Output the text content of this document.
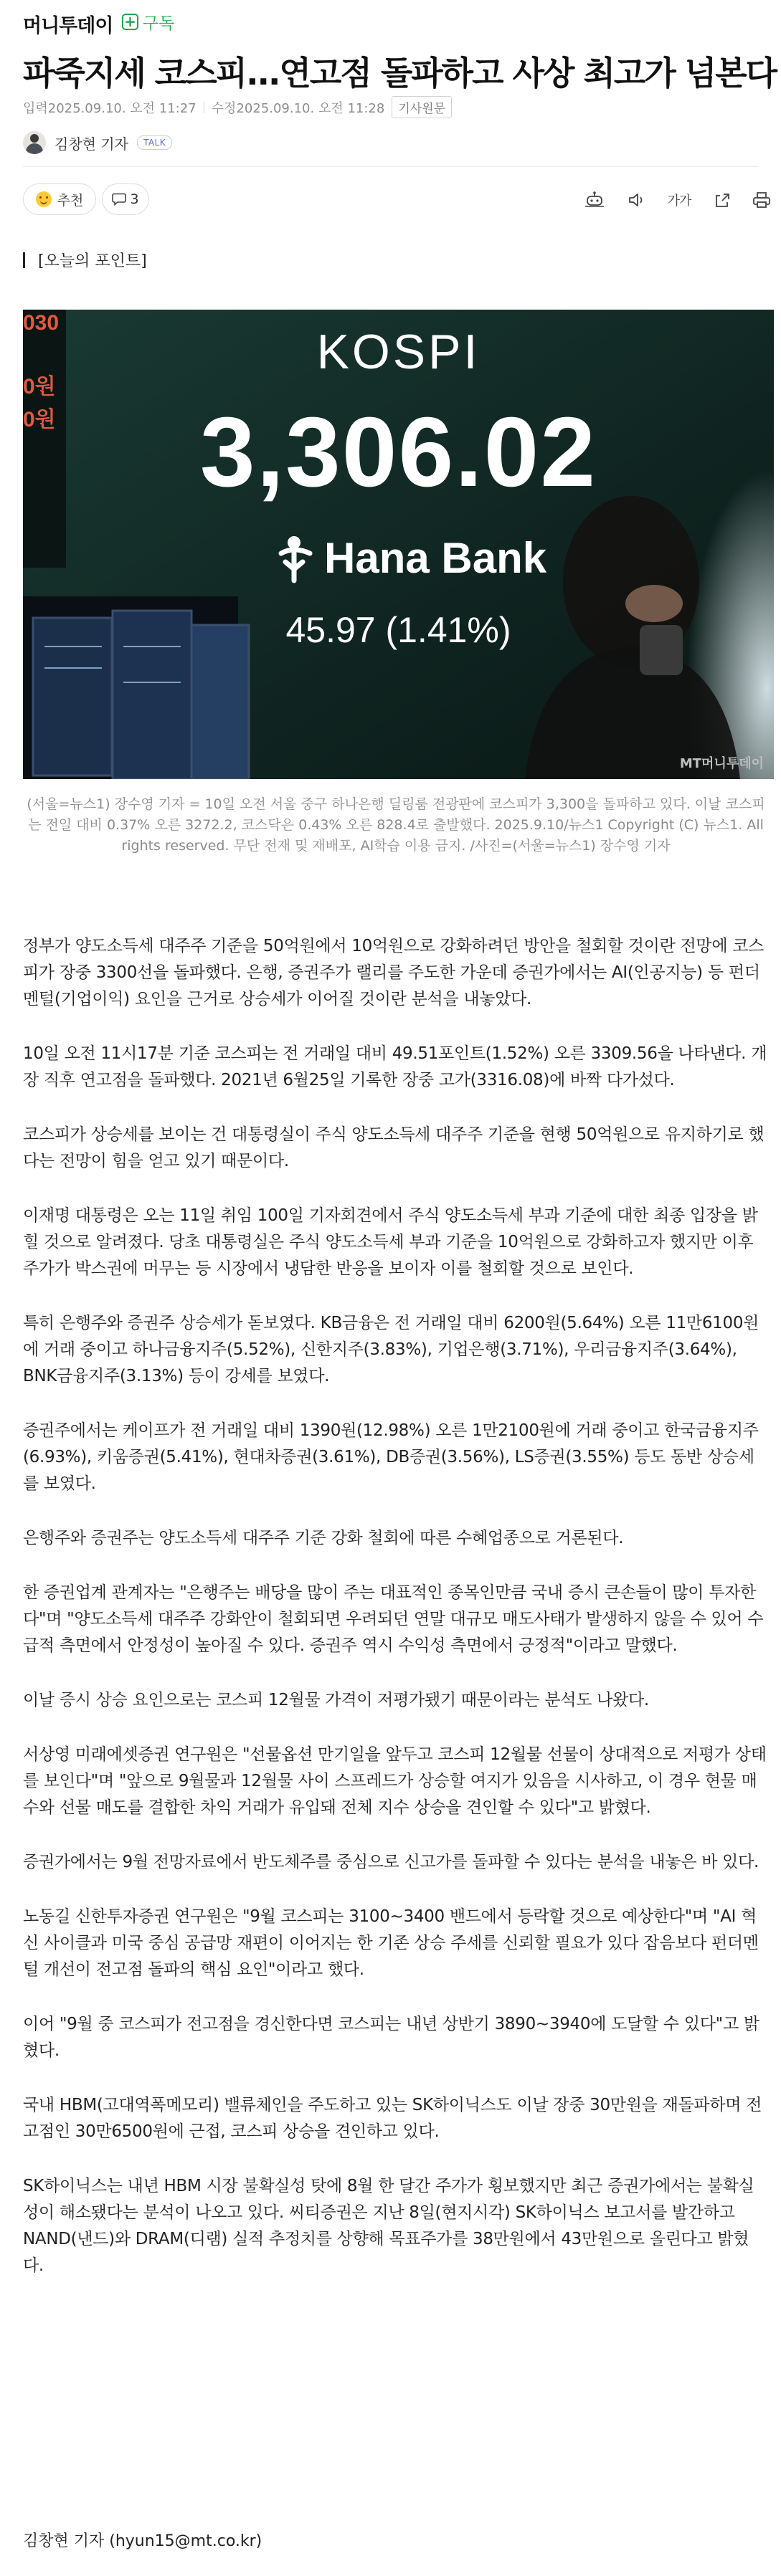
머니투데이 + 구독
파죽지세 코스피...연고점 돌파하고 사상 최고가 넘본다
입력 2025.09.10. 오전 11:27 수정 2025.09.10. 오전 11:28	기사원문
김창현 기자	TALK
추천	3	가가
[오늘의 포인트]
030
0원
0원
KOSPI
3,306.02
Hana Bank
45.97 (1.41%)
MT머니투데이
(서울=뉴스1) 장수영 기자 = 10일 오전 서울 중구 하나은행 딜링룸 전광판에 코스피가 3,300을 돌파하고 있다. 이날 코스피는 전일 대비 0.37% 오른 3272.2, 코스닥은 0.43% 오른 828.4로 출발했다. 2025.9.10/뉴스1 Copyright (C) 뉴스1. All rights reserved. 무단 전재 및 재배포, AI학습 이용 금지. /사진=(서울=뉴스1) 장수영 기자

정부가 양도소득세 대주주 기준을 50억원에서 10억원으로 강화하려던 방안을 철회할 것이란 전망에 코스피가 장중 3300선을 돌파했다. 은행, 증권주가 랠리를 주도한 가운데 증권가에서는 AI(인공지능) 등 펀더멘털(기업이익) 요인을 근거로 상승세가 이어질 것이란 분석을 내놓았다.

10일 오전 11시17분 기준 코스피는 전 거래일 대비 49.51포인트(1.52%) 오른 3309.56을 나타낸다. 개장 직후 연고점을 돌파했다. 2021년 6월25일 기록한 장중 고가(3316.08)에 바짝 다가섰다.

코스피가 상승세를 보이는 건 대통령실이 주식 양도소득세 대주주 기준을 현행 50억원으로 유지하기로 했다는 전망이 힘을 얻고 있기 때문이다.

이재명 대통령은 오는 11일 취임 100일 기자회견에서 주식 양도소득세 부과 기준에 대한 최종 입장을 밝힐 것으로 알려졌다. 당초 대통령실은 주식 양도소득세 부과 기준을 10억원으로 강화하고자 했지만 이후 주가가 박스권에 머무는 등 시장에서 냉담한 반응을 보이자 이를 철회할 것으로 보인다.

특히 은행주와 증권주 상승세가 돋보였다. KB금융은 전 거래일 대비 6200원(5.64%) 오른 11만6100원에 거래 중이고 하나금융지주(5.52%), 신한지주(3.83%), 기업은행(3.71%), 우리금융지주(3.64%), BNK금융지주(3.13%) 등이 강세를 보였다.

증권주에서는 케이프가 전 거래일 대비 1390원(12.98%) 오른 1만2100원에 거래 중이고 한국금융지주(6.93%), 키움증권(5.41%), 현대차증권(3.61%), DB증권(3.56%), LS증권(3.55%) 등도 동반 상승세를 보였다.

은행주와 증권주는 양도소득세 대주주 기준 강화 철회에 따른 수혜업종으로 거론된다.

한 증권업계 관계자는 "은행주는 배당을 많이 주는 대표적인 종목인만큼 국내 증시 큰손들이 많이 투자한다"며 "양도소득세 대주주 강화안이 철회되면 우려되던 연말 대규모 매도사태가 발생하지 않을 수 있어 수급적 측면에서 안정성이 높아질 수 있다. 증권주 역시 수익성 측면에서 긍정적"이라고 말했다.

이날 증시 상승 요인으로는 코스피 12월물 가격이 저평가됐기 때문이라는 분석도 나왔다.

서상영 미래에셋증권 연구원은 "선물옵션 만기일을 앞두고 코스피 12월물 선물이 상대적으로 저평가 상태를 보인다"며 "앞으로 9월물과 12월물 사이 스프레드가 상승할 여지가 있음을 시사하고, 이 경우 현물 매수와 선물 매도를 결합한 차익 거래가 유입돼 전체 지수 상승을 견인할 수 있다"고 밝혔다.

증권가에서는 9월 전망자료에서 반도체주를 중심으로 신고가를 돌파할 수 있다는 분석을 내놓은 바 있다.

노동길 신한투자증권 연구원은 "9월 코스피는 3100~3400 밴드에서 등락할 것으로 예상한다"며 "AI 혁신 사이클과 미국 중심 공급망 재편이 이어지는 한 기존 상승 주세를 신뢰할 필요가 있다 잡음보다 펀더멘털 개선이 전고점 돌파의 핵심 요인"이라고 했다.

이어 "9월 중 코스피가 전고점을 경신한다면 코스피는 내년 상반기 3890~3940에 도달할 수 있다"고 밝혔다.

국내 HBM(고대역폭메모리) 밸류체인을 주도하고 있는 SK하이닉스도 이날 장중 30만원을 재돌파하며 전고점인 30만6500원에 근접, 코스피 상승을 견인하고 있다.

SK하이닉스는 내년 HBM 시장 불확실성 탓에 8월 한 달간 주가가 횡보했지만 최근 증권가에서는 불확실성이 해소됐다는 분석이 나오고 있다. 씨티증권은 지난 8일(현지시각) SK하이닉스 보고서를 발간하고 NAND(낸드)와 DRAM(디램) 실적 추정치를 상향해 목표주가를 38만원에서 43만원으로 올린다고 밝혔다.

김창현 기자 (hyun15@mt.co.kr)
